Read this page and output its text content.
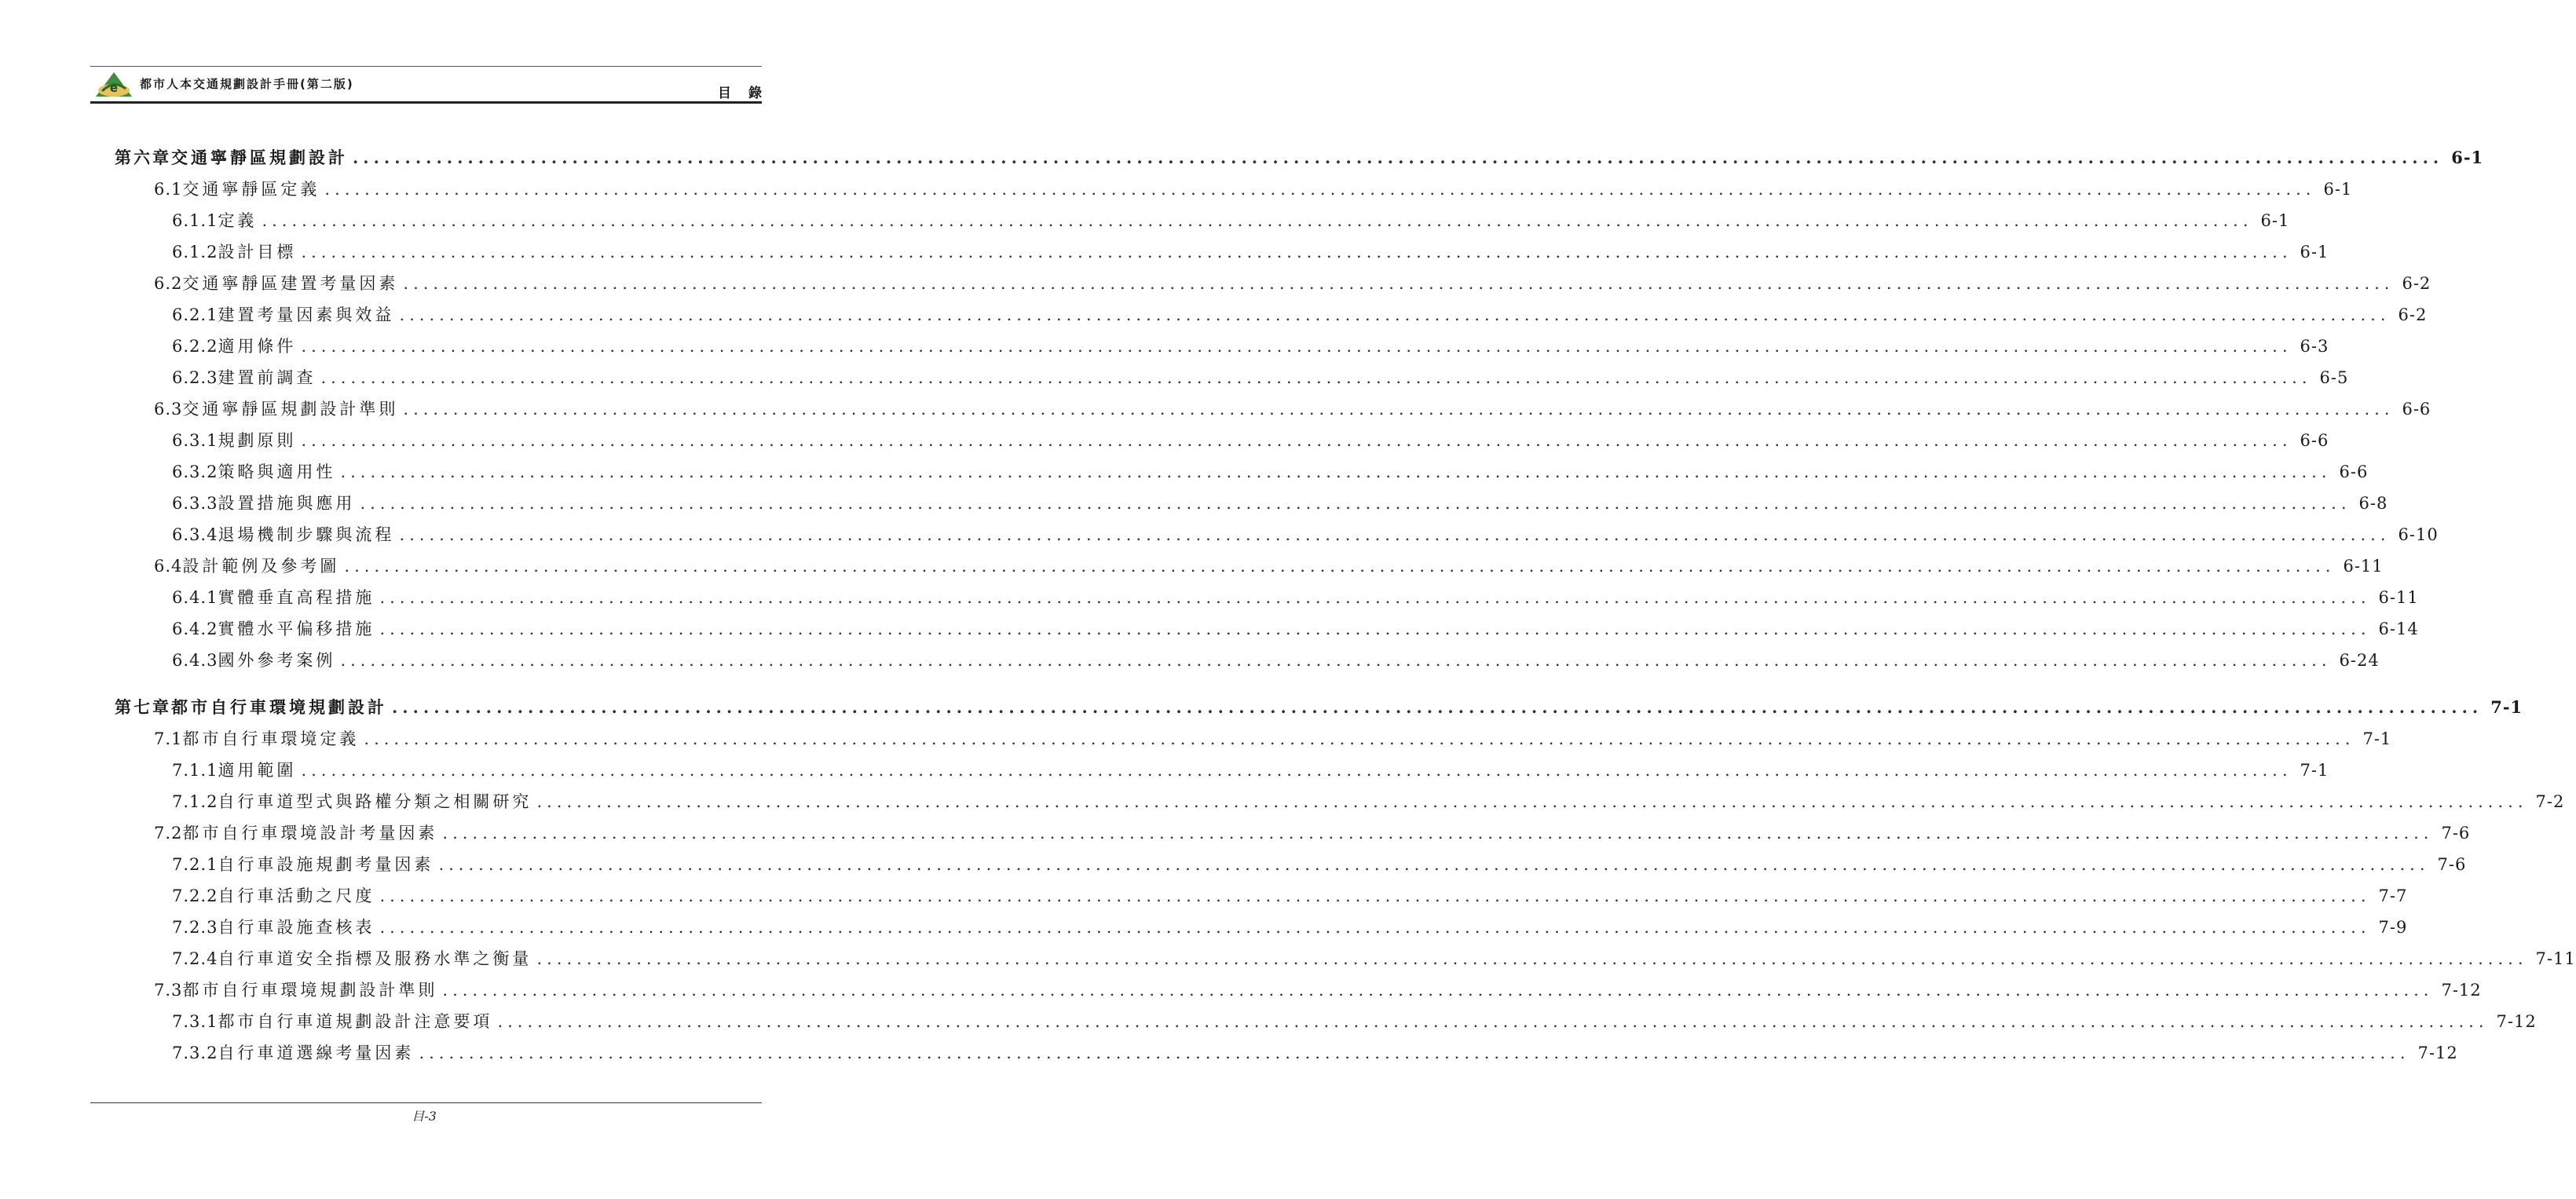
e 都市人本交通規劃設計手冊(第二版)
目錄
第六章 交通寧靜區規劃設計 ........................................................................................................................................................................................................ 6-1
6.1 交通寧靜區定義 ........................................................................................................................................................................................................ 6-1
6.1.1 定義 ........................................................................................................................................................................................................ 6-1
6.1.2 設計目標 ........................................................................................................................................................................................................ 6-1
6.2 交通寧靜區建置考量因素 ........................................................................................................................................................................................................ 6-2
6.2.1 建置考量因素與效益 ........................................................................................................................................................................................................ 6-2
6.2.2 適用條件 ........................................................................................................................................................................................................ 6-3
6.2.3 建置前調查 ........................................................................................................................................................................................................ 6-5
6.3 交通寧靜區規劃設計準則 ........................................................................................................................................................................................................ 6-6
6.3.1 規劃原則 ........................................................................................................................................................................................................ 6-6
6.3.2 策略與適用性 ........................................................................................................................................................................................................ 6-6
6.3.3 設置措施與應用 ........................................................................................................................................................................................................ 6-8
6.3.4 退場機制步驟與流程 ........................................................................................................................................................................................................ 6-10
6.4 設計範例及參考圖 ........................................................................................................................................................................................................ 6-11
6.4.1 實體垂直高程措施 ........................................................................................................................................................................................................ 6-11
6.4.2 實體水平偏移措施 ........................................................................................................................................................................................................ 6-14
6.4.3 國外參考案例 ........................................................................................................................................................................................................ 6-24
第七章 都市自行車環境規劃設計 ........................................................................................................................................................................................................ 7-1
7.1 都市自行車環境定義 ........................................................................................................................................................................................................ 7-1
7.1.1 適用範圍 ........................................................................................................................................................................................................ 7-1
7.1.2 自行車道型式與路權分類之相關研究 ........................................................................................................................................................................................................ 7-2
7.2 都市自行車環境設計考量因素 ........................................................................................................................................................................................................ 7-6
7.2.1 自行車設施規劃考量因素 ........................................................................................................................................................................................................ 7-6
7.2.2 自行車活動之尺度 ........................................................................................................................................................................................................ 7-7
7.2.3 自行車設施查核表 ........................................................................................................................................................................................................ 7-9
7.2.4 自行車道安全指標及服務水準之衡量 ........................................................................................................................................................................................................ 7-11
7.3 都市自行車環境規劃設計準則 ........................................................................................................................................................................................................ 7-12
7.3.1 都市自行車道規劃設計注意要項 ........................................................................................................................................................................................................ 7-12
7.3.2 自行車道選線考量因素 ........................................................................................................................................................................................................ 7-12
目-3
